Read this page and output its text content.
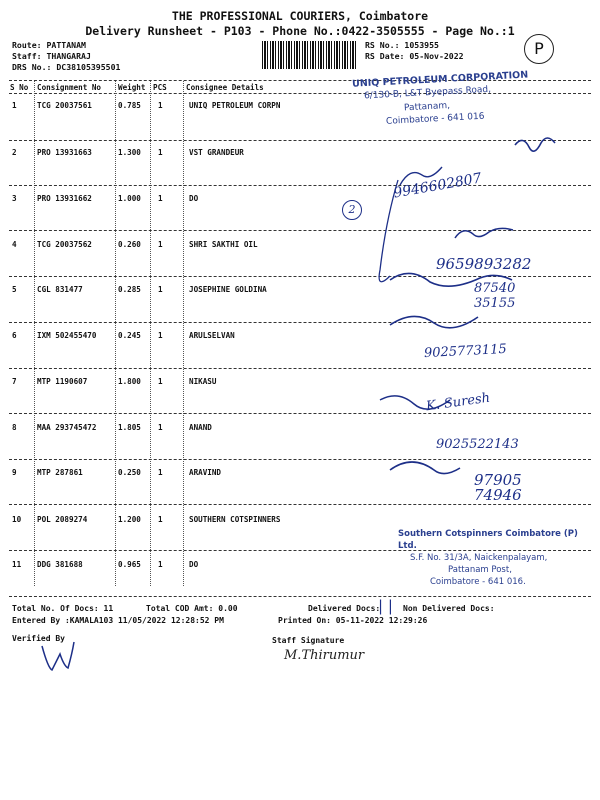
THE PROFESSIONAL COURIERS, Coimbatore
Delivery Runsheet - P103 - Phone No.:0422-3505555 - Page No.:1
Route: PATTANAM
Staff: THANGARAJ
DRS No.: DC38105395501
RS No.: 1053955
RS Date: 05-Nov-2022	P
S No Consignment No Weight PCS	Consignee Details
1	TCG 20037561	0.785 1	UNIQ PETROLEUM CORPN
2	PRO 13931663	1.300 1	VST GRANDEUR
3	PRO 13931662	1.000 1	DO
4	TCG 20037562	0.260 1	SHRI SAKTHI OIL
5	CGL 831477	0.285 1	JOSEPHINE GOLDINA
6	IXM 502455470	0.245 1	ARULSELVAN
7	MTP 1190607	1.800 1	NIKASU
8	MAA 293745472	1.805 1	ANAND
9	MTP 287861	0.250 1	ARAVIND
10 POL 2089274	1.200 1	SOUTHERN COTSPINNERS
11 DDG 381688	0.965 1	DO
UNIQ PETROLEUM CORPORATION
6/130-B, L&T Byepass Road,
Pattanam,
Coimbatore - 641 016
2
9946602807
9659893282
87540 35155
9025773115
K. Suresh
9025522143
97905 74946
Southern Cotspinners Coimbatore (P) Ltd.
S.F. No. 31/3A, Naickenpalayam,
Pattanam Post,
Coimbatore - 641 016.
Total No. Of Docs: 11	Total COD Amt: 0.00	Delivered Docs:
| | Non Delivered Docs:
Entered By :KAMALA103 11/05/2022 12:28:52 PM	Printed On: 05-11-2022 12:29:26
Verified By	Staff Signature
M.Thirumur
